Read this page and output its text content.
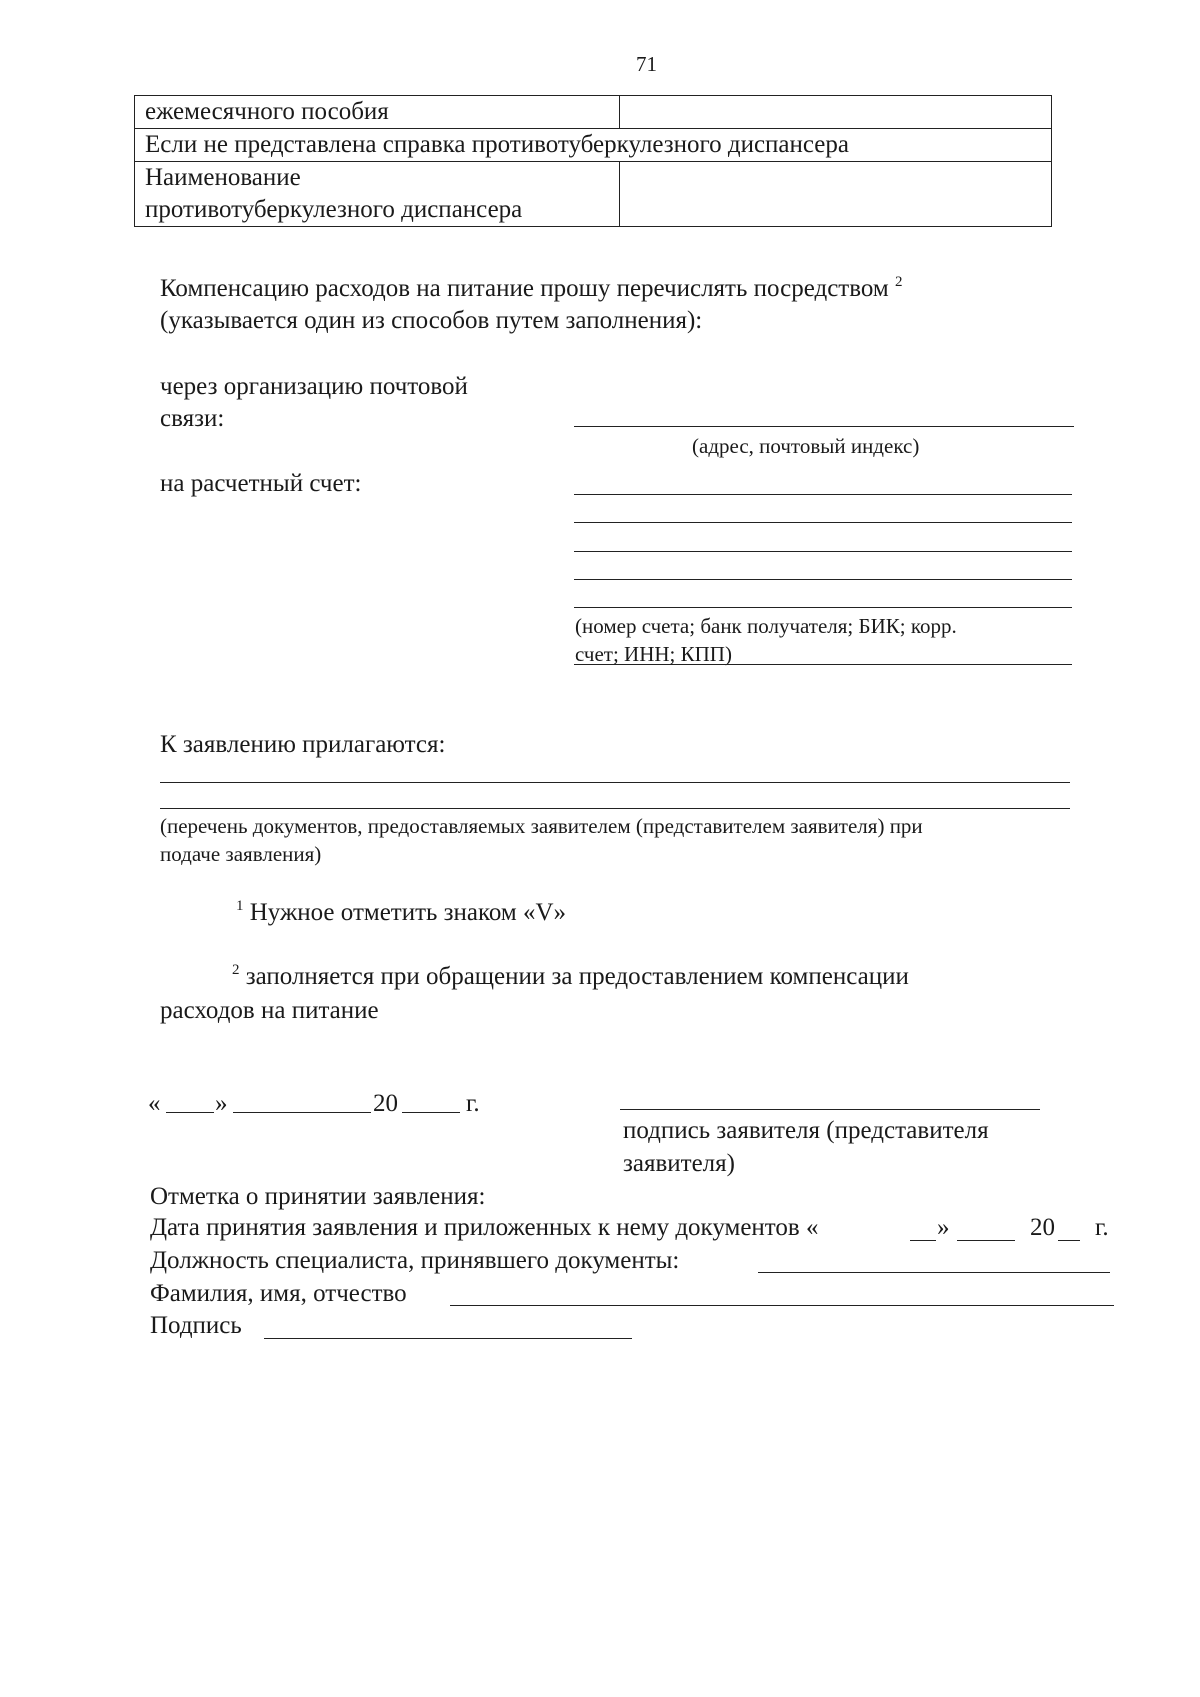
71
ежемесячного пособия	
Если не представлена справка противотуберкулезного диспансера	

Наименование
противотуберкулезного диспансера	

Компенсацию расходов на питание прошу перечислять посредством $^2$
(указывается один из способов путем заполнения):
через организацию почтовой
связи:
(адрес, почтовый индекс)
на расчетный счет:
(номер счета; банк получателя; БИК; корр.
счет; ИНН; КПП)
К заявлению прилагаются:
(перечень документов, предоставляемых заявителем (представителем заявителя) при
подаче заявления)
$^1$ Нужное отметить знаком «V»
$^2$ заполняется при обращении за предоставлением компенсации
расходов на питание
« »	20	г.
подпись заявителя (представителя
заявителя)
Отметка о принятии заявления:
Дата принятия заявления и приложенных к нему документов «	»	20 г.
Должность специалиста, принявшего документы:
Фамилия, имя, отчество
Подпись
